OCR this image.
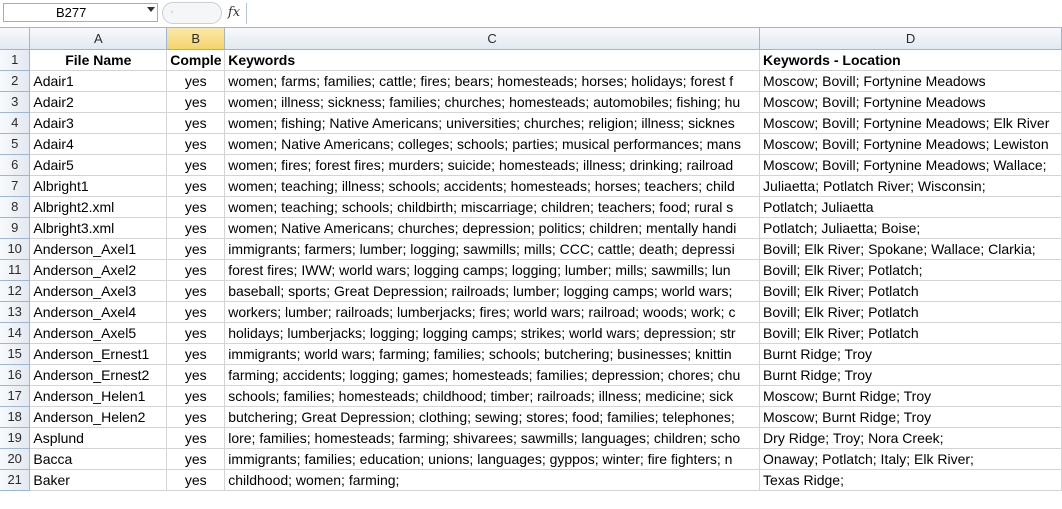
B277	◦	fx
	A	B	C	D
1	File Name	Comple	Keywords	Keywords - Location
2	Adair1	yes	women; farms; families; cattle; fires; bears; homesteads; horses; holidays; forest f	Moscow; Bovill; Fortynine Meadows
3	Adair2	yes	women; illness; sickness; families; churches; homesteads; automobiles; fishing; hu	Moscow; Bovill; Fortynine Meadows
4	Adair3	yes	women; fishing; Native Americans; universities; churches; religion; illness; sicknes	Moscow; Bovill; Fortynine Meadows; Elk River
5	Adair4	yes	women; Native Americans; colleges; schools; parties; musical performances; mans	Moscow; Bovill; Fortynine Meadows; Lewiston
6	Adair5	yes	women; fires; forest fires; murders; suicide; homesteads; illness; drinking; railroad	Moscow; Bovill; Fortynine Meadows; Wallace;
7	Albright1	yes	women; teaching; illness; schools; accidents; homesteads; horses; teachers; child	Juliaetta; Potlatch River; Wisconsin;
8	Albright2.xml	yes	women; teaching; schools; childbirth; miscarriage; children; teachers; food; rural s	Potlatch; Juliaetta
9	Albright3.xml	yes	women; Native Americans; churches; depression; politics; children; mentally handi	Potlatch; Juliaetta; Boise;
10	Anderson_Axel1	yes	immigrants; farmers; lumber; logging; sawmills; mills; CCC; cattle; death; depressi	Bovill; Elk River; Spokane; Wallace; Clarkia;
11	Anderson_Axel2	yes	forest fires; IWW; world wars; logging camps; logging; lumber; mills; sawmills; lun	Bovill; Elk River; Potlatch;
12	Anderson_Axel3	yes	baseball; sports; Great Depression; railroads; lumber; logging camps; world wars;	Bovill; Elk River; Potlatch
13	Anderson_Axel4	yes	workers; lumber; railroads; lumberjacks; fires; world wars; railroad; woods; work; c	Bovill; Elk River; Potlatch
14	Anderson_Axel5	yes	holidays; lumberjacks; logging; logging camps; strikes; world wars; depression; str	Bovill; Elk River; Potlatch
15	Anderson_Ernest1	yes	immigrants; world wars; farming; families; schools; butchering; businesses; knittin	Burnt Ridge; Troy
16	Anderson_Ernest2	yes	farming; accidents; logging; games; homesteads; families; depression; chores; chu	Burnt Ridge; Troy
17	Anderson_Helen1	yes	schools; families; homesteads; childhood; timber; railroads; illness; medicine; sick	Moscow; Burnt Ridge; Troy
18	Anderson_Helen2	yes	butchering; Great Depression; clothing; sewing; stores; food; families; telephones;	Moscow; Burnt Ridge; Troy
19	Asplund	yes	lore; families; homesteads; farming; shivarees; sawmills; languages; children; scho	Dry Ridge; Troy; Nora Creek;
20	Bacca	yes	immigrants; families; education; unions; languages; gyppos; winter; fire fighters; n	Onaway; Potlatch; Italy; Elk River;
21	Baker	yes	childhood; women; farming;	Texas Ridge;
